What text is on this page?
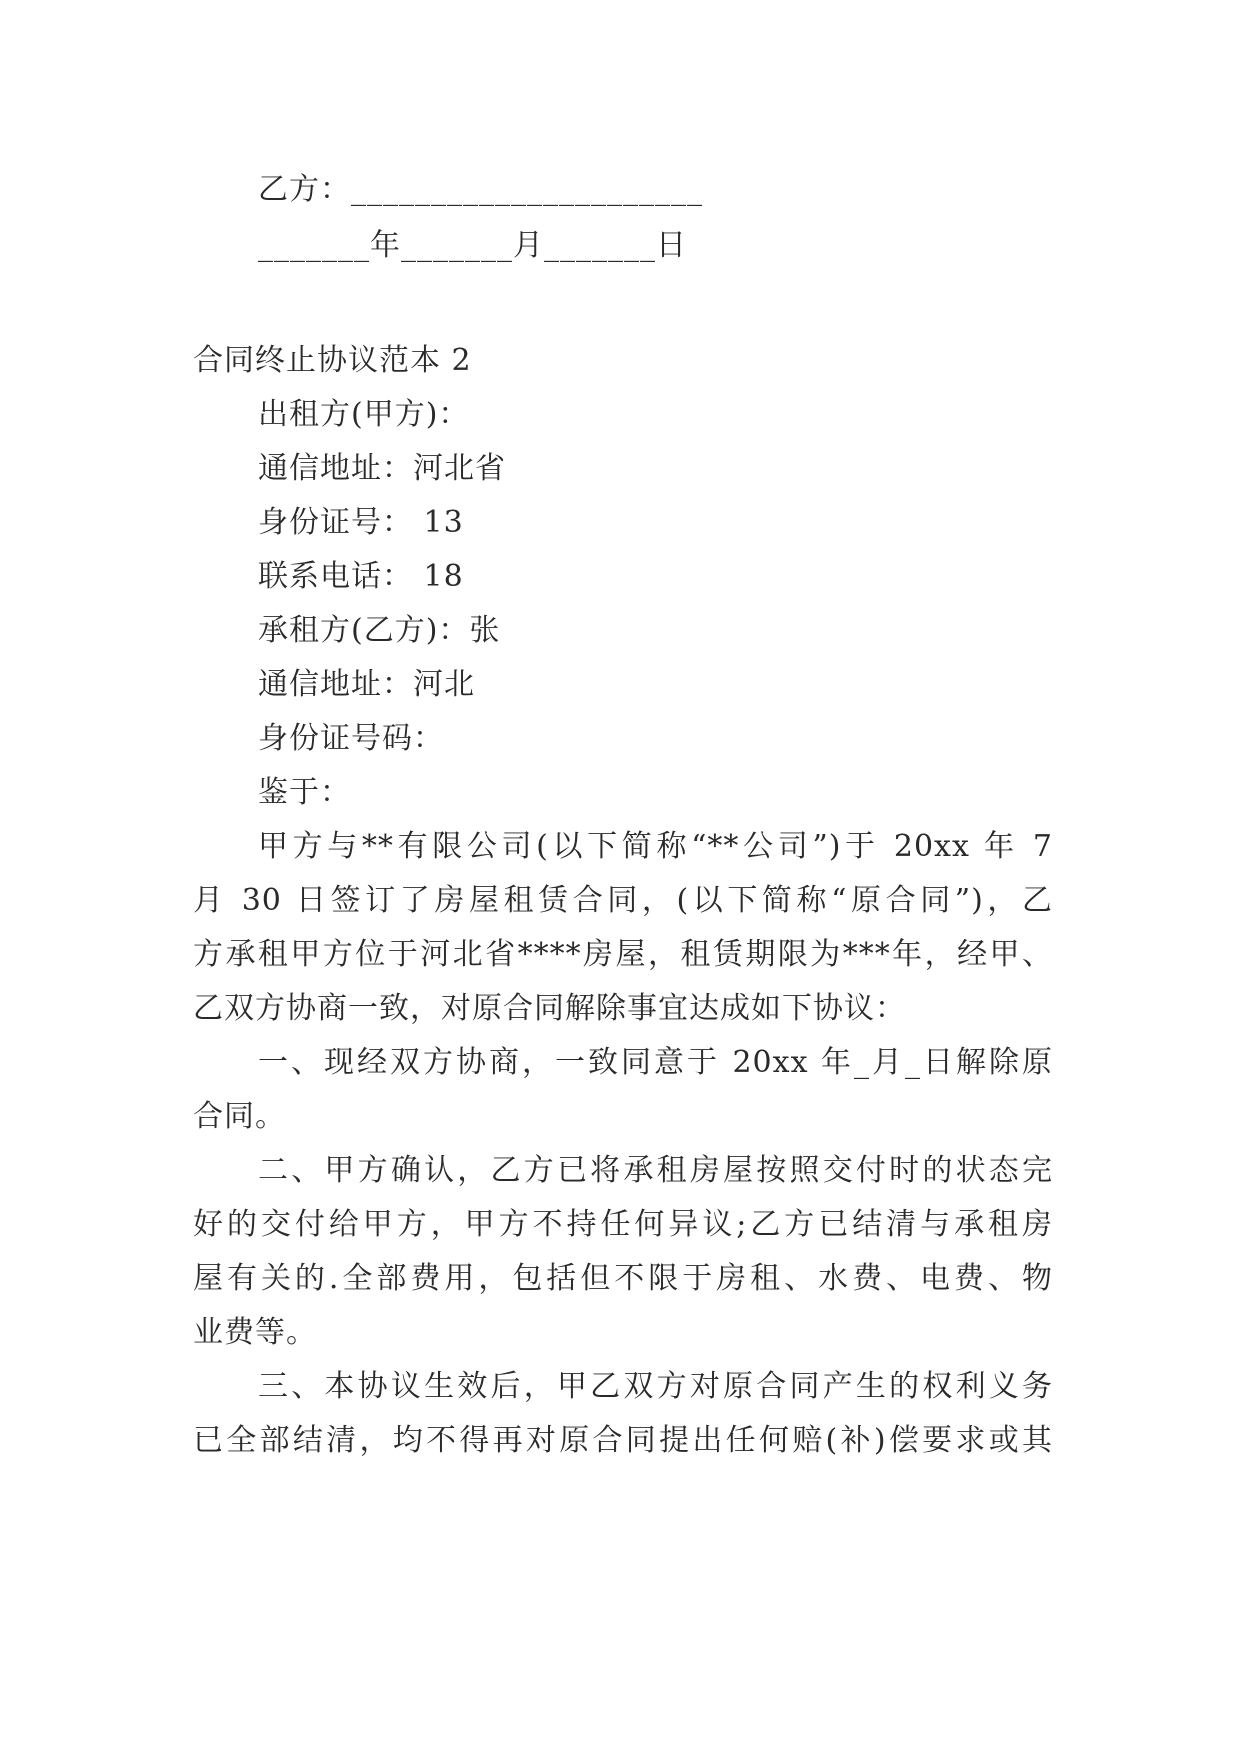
乙方：______________________
_______年_______月_______日
合同终止协议范本 2
出租方(甲方)：
通信地址：河北省
身份证号： 13
联系电话： 18
承租方(乙方)：张
通信地址：河北
身份证号码：
鉴于：
甲方与**有限公司(以下简称“**公司”)于 20xx 年 7
月 30 日签订了房屋租赁合同，(以下简称“原合同”)，乙
方承租甲方位于河北省****房屋，租赁期限为***年，经甲、
乙双方协商一致，对原合同解除事宜达成如下协议：
一、现经双方协商，一致同意于 20xx 年_月_日解除原
合同。
二、甲方确认，乙方已将承租房屋按照交付时的状态完
好的交付给甲方，甲方不持任何异议;乙方已结清与承租房
屋有关的.全部费用，包括但不限于房租、水费、电费、物
业费等。
三、本协议生效后，甲乙双方对原合同产生的权利义务
已全部结清，均不得再对原合同提出任何赔(补)偿要求或其
